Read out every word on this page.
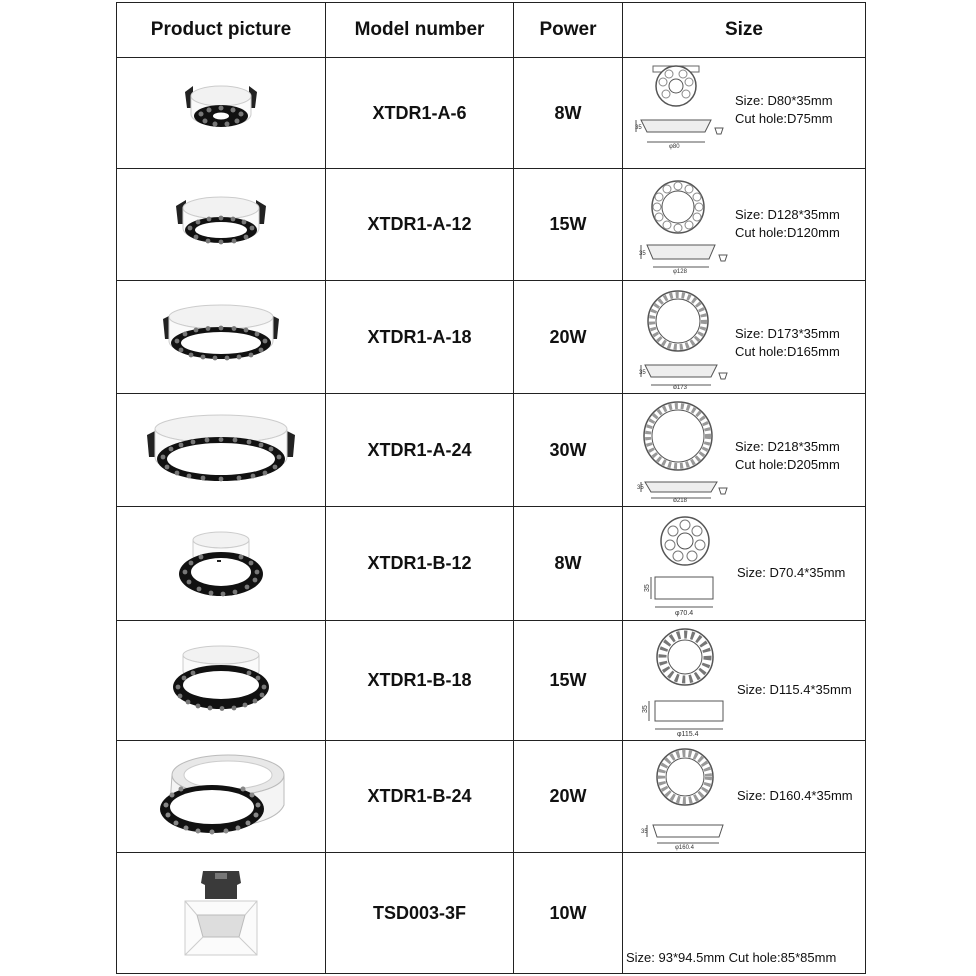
Product picture	Model number	Power	Size

	XTDR1-A-6	8W	35
φ80
Size: D80*35mm
Cut hole:D75mm

	XTDR1-A-12	15W	35
φ128
Size: D128*35mm
Cut hole:D120mm

	XTDR1-A-18	20W	35
φ173
Size: D173*35mm
Cut hole:D165mm

	XTDR1-A-24	30W	35
φ218
Size: D218*35mm
Cut hole:D205mm

	XTDR1-B-12	8W	35
φ70.4
Size: D70.4*35mm

	XTDR1-B-18	15W	35
φ115.4
Size: D115.4*35mm

	XTDR1-B-24	20W	35
φ160.4
Size: D160.4*35mm

	TSD003-3F	10W	Size: 93*94.5mm Cut hole:85*85mm
